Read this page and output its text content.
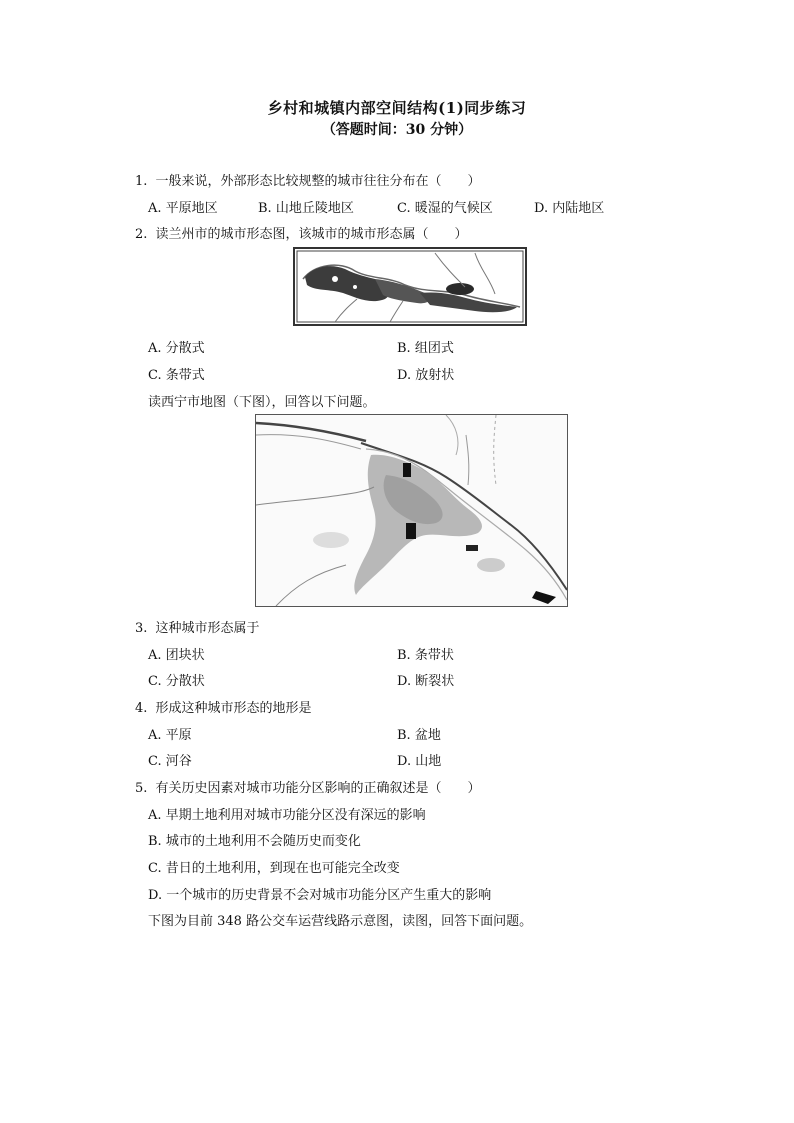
乡村和城镇内部空间结构(1)同步练习
（答题时间：30 分钟）
1. 一般来说，外部形态比较规整的城市往往分布在（　　）
A. 平原地区	B. 山地丘陵地区	C. 暖湿的气候区	D. 内陆地区
2. 读兰州市的城市形态图，该城市的城市形态属（　　）
A. 分散式	B. 组团式
C. 条带式	D. 放射状
读西宁市地图（下图），回答以下问题。
3. 这种城市形态属于
A. 团块状	B. 条带状
C. 分散状	D. 断裂状
4. 形成这种城市形态的地形是
A. 平原	B. 盆地
C. 河谷	D. 山地
5. 有关历史因素对城市功能分区影响的正确叙述是（　　）
A. 早期土地利用对城市功能分区没有深远的影响
B. 城市的土地利用不会随历史而变化
C. 昔日的土地利用，到现在也可能完全改变
D. 一个城市的历史背景不会对城市功能分区产生重大的影响
下图为目前 348 路公交车运营线路示意图，读图，回答下面问题。
